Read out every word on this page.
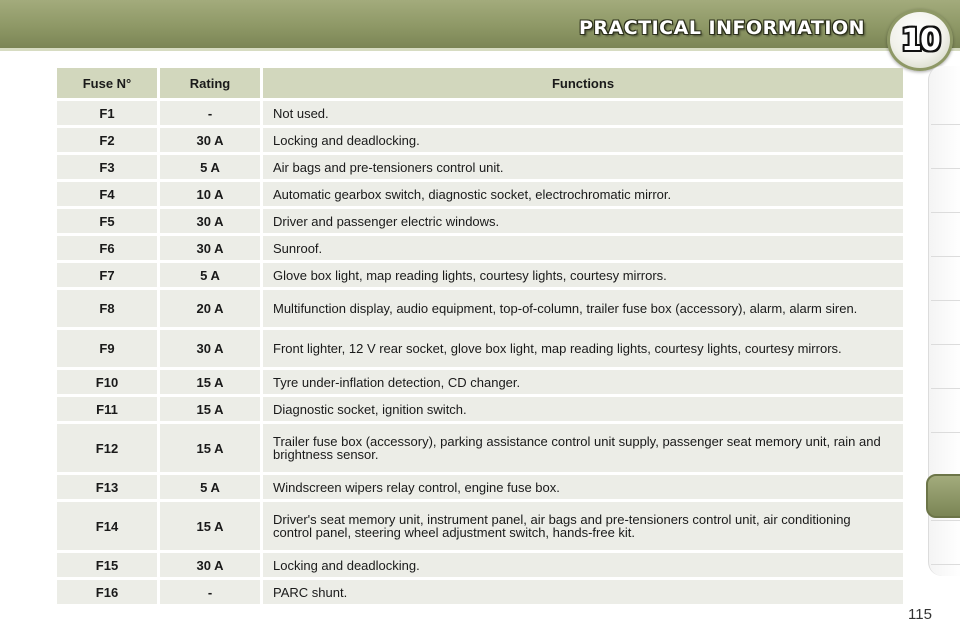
PRACTICAL INFORMATION 10
Fuse N°	Rating	Functions
F1	-	Not used.
F2	30 A	Locking and deadlocking.
F3	5 A	Air bags and pre-tensioners control unit.
F4	10 A	Automatic gearbox switch, diagnostic socket, electrochromatic mirror.
F5	30 A	Driver and passenger electric windows.
F6	30 A	Sunroof.
F7	5 A	Glove box light, map reading lights, courtesy lights, courtesy mirrors.
F8	20 A	Multifunction display, audio equipment, top-of-column, trailer fuse box (accessory), alarm, alarm siren.
F9	30 A	Front lighter, 12 V rear socket, glove box light, map reading lights, courtesy lights, courtesy mirrors.
F10	15 A	Tyre under-inflation detection, CD changer.
F11	15 A	Diagnostic socket, ignition switch.
F12	15 A	Trailer fuse box (accessory), parking assistance control unit supply, passenger seat memory unit, rain and brightness sensor.
F13	5 A	Windscreen wipers relay control, engine fuse box.
F14	15 A	Driver's seat memory unit, instrument panel, air bags and pre-tensioners control unit, air conditioning control panel, steering wheel adjustment switch, hands-free kit.
F15	30 A	Locking and deadlocking.
F16	-	PARC shunt.
115
